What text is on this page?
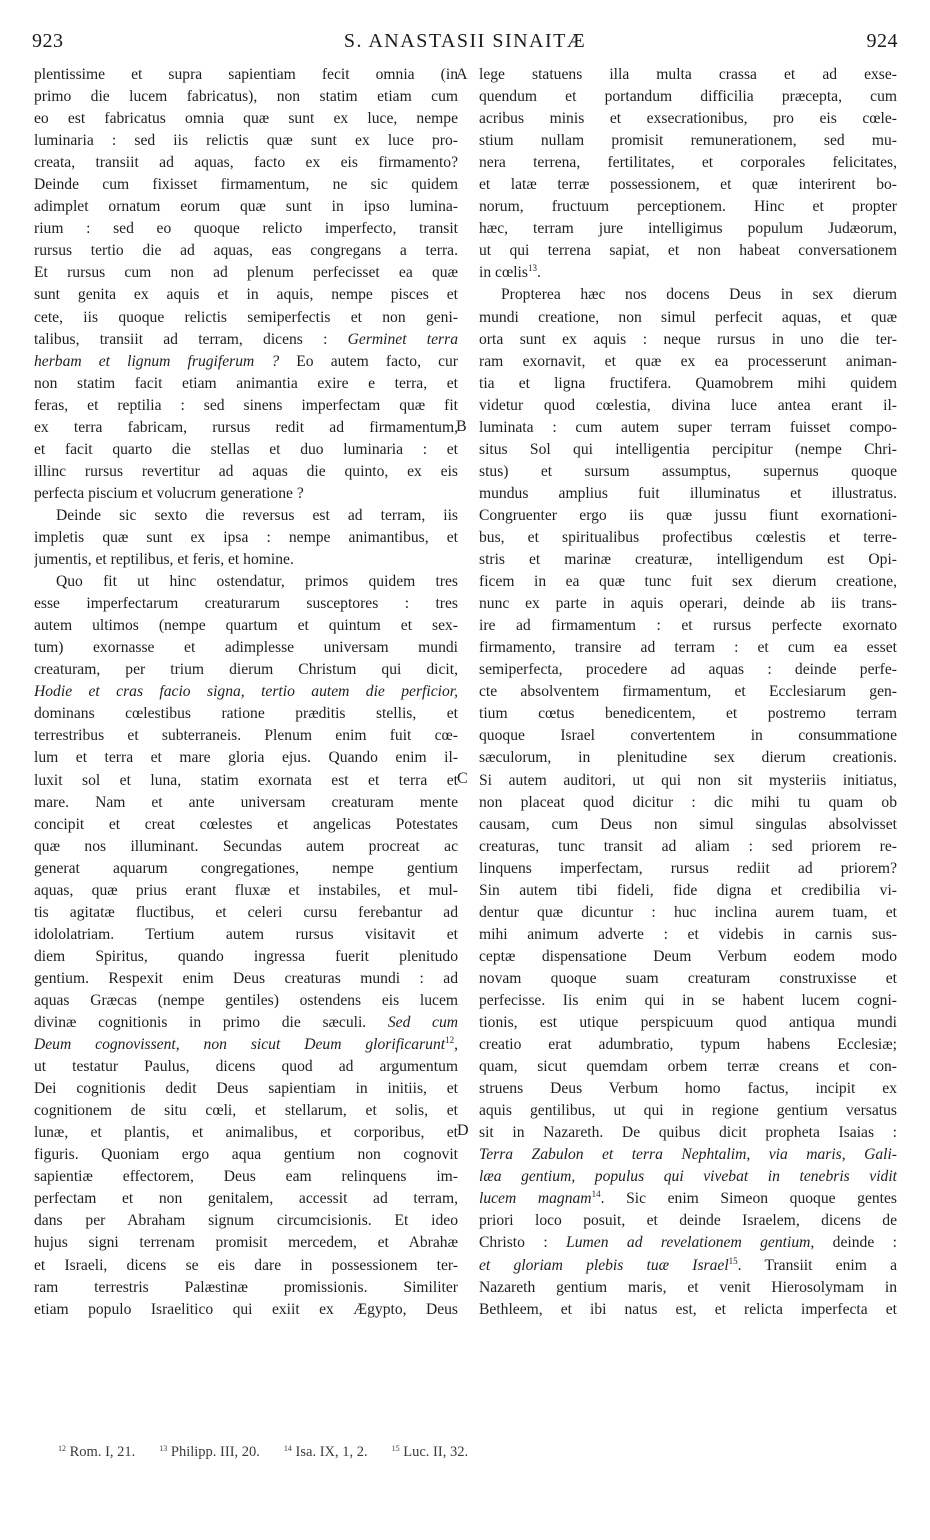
923	S. ANASTASII SINAITÆ	924

plentissime et supra sapientiam fecit omnia (in

primo die lucem fabricatus), non statim etiam cum

eo est fabricatus omnia quæ sunt ex luce, nempe

luminaria : sed iis relictis quæ sunt ex luce pro-

creata, transiit ad aquas, facto ex eis firmamento?

Deinde cum fixisset firmamentum, ne sic quidem

adimplet ornatum eorum quæ sunt in ipso lumina-

rium : sed eo quoque relicto imperfecto, transit

rursus tertio die ad aquas, eas congregans a terra.

Et rursus cum non ad plenum perfecisset ea quæ

sunt genita ex aquis et in aquis, nempe pisces et

cete, iis quoque relictis semiperfectis et non geni-

talibus, transiit ad terram, dicens : Germinet terra

herbam et lignum frugiferum ? Eo autem facto, cur

non statim facit etiam animantia exire e terra, et

feras, et reptilia : sed sinens imperfectam quæ fit

ex terra fabricam, rursus redit ad firmamentum,

et facit quarto die stellas et duo luminaria : et

illinc rursus revertitur ad aquas die quinto, ex eis

perfecta piscium et volucrum generatione ?

Deinde sic sexto die reversus est ad terram, iis

impletis quæ sunt ex ipsa : nempe animantibus, et

jumentis, et reptilibus, et feris, et homine.

Quo fit ut hinc ostendatur, primos quidem tres

esse imperfectarum creaturarum susceptores : tres

autem ultimos (nempe quartum et quintum et sex-

tum) exornasse et adimplesse universam mundi

creaturam, per trium dierum Christum qui dicit,

Hodie et cras facio signa, tertio autem die perficior,

dominans cœlestibus ratione præditis stellis, et

terrestribus et subterraneis. Plenum enim fuit cœ-

lum et terra et mare gloria ejus. Quando enim il-

luxit sol et luna, statim exornata est et terra et

mare. Nam et ante universam creaturam mente

concipit et creat cœlestes et angelicas Potestates

quæ nos illuminant. Secundas autem procreat ac

generat aquarum congregationes, nempe gentium

aquas, quæ prius erant fluxæ et instabiles, et mul-

tis agitatæ fluctibus, et celeri cursu ferebantur ad

idololatriam. Tertium autem rursus visitavit et

diem Spiritus, quando ingressa fuerit plenitudo

gentium. Respexit enim Deus creaturas mundi : ad

aquas Græcas (nempe gentiles) ostendens eis lucem

divinæ cognitionis in primo die sæculi. Sed cum

Deum cognovissent, non sicut Deum glorificarunt$^{12}$,

ut testatur Paulus, dicens quod ad argumentum

Dei cognitionis dedit Deus sapientiam in initiis, et

cognitionem de situ cœli, et stellarum, et solis, et

lunæ, et plantis, et animalibus, et corporibus, et

figuris. Quoniam ergo aqua gentium non cognovit

sapientiæ effectorem, Deus eam relinquens im-

perfectam et non genitalem, accessit ad terram,

dans per Abraham signum circumcisionis. Et ideo

hujus signi terrenam promisit mercedem, et Abrahæ

et Israeli, dicens se eis dare in possessionem ter-

ram terrestris Palæstinæ promissionis. Similiter

etiam populo Israelitico qui exiit ex Ægypto, Deus

lege statuens illa multa crassa et ad exse-

quendum et portandum difficilia præcepta, cum

acribus minis et exsecrationibus, pro eis cœle-

stium nullam promisit remunerationem, sed mu-

nera terrena, fertilitates, et corporales felicitates,

et latæ terræ possessionem, et quæ interirent bo-

norum, fructuum perceptionem. Hinc et propter

hæc, terram jure intelligimus populum Judæorum,

ut qui terrena sapiat, et non habeat conversationem

in cœlis$^{13}$.

Propterea hæc nos docens Deus in sex dierum

mundi creatione, non simul perfecit aquas, et quæ

orta sunt ex aquis : neque rursus in uno die ter-

ram exornavit, et quæ ex ea processerunt animan-

tia et ligna fructifera. Quamobrem mihi quidem

videtur quod cœlestia, divina luce antea erant il-

luminata : cum autem super terram fuisset compo-

situs Sol qui intelligentia percipitur (nempe Chri-

stus) et sursum assumptus, supernus quoque

mundus amplius fuit illuminatus et illustratus.

Congruenter ergo iis quæ jussu fiunt exornationi-

bus, et spiritualibus profectibus cœlestis et terre-

stris et marinæ creaturæ, intelligendum est Opi-

ficem in ea quæ tunc fuit sex dierum creatione,

nunc ex parte in aquis operari, deinde ab iis trans-

ire ad firmamentum : et rursus perfecte exornato

firmamento, transire ad terram : et cum ea esset

semiperfecta, procedere ad aquas : deinde perfe-

cte absolventem firmamentum, et Ecclesiarum gen-

tium cœtus benedicentem, et postremo terram

quoque Israel convertentem in consummatione

sæculorum, in plenitudine sex dierum creationis.

Si autem auditori, ut qui non sit mysteriis initiatus,

non placeat quod dicitur : dic mihi tu quam ob

causam, cum Deus non simul singulas absolvisset

creaturas, tunc transit ad aliam : sed priorem re-

linquens imperfectam, rursus rediit ad priorem?

Sin autem tibi fideli, fide digna et credibilia vi-

dentur quæ dicuntur : huc inclina aurem tuam, et

mihi animum adverte : et videbis in carnis sus-

ceptæ dispensatione Deum Verbum eodem modo

novam quoque suam creaturam construxisse et

perfecisse. Iis enim qui in se habent lucem cogni-

tionis, est utique perspicuum quod antiqua mundi

creatio erat adumbratio, typum habens Ecclesiæ;

quam, sicut quemdam orbem terræ creans et con-

struens Deus Verbum homo factus, incipit ex

aquis gentilibus, ut qui in regione gentium versatus

sit in Nazareth. De quibus dicit propheta Isaias :

Terra Zabulon et terra Nephtalim, via maris, Gali-

læa gentium, populus qui vivebat in tenebris vidit

lucem magnam$^{14}$. Sic enim Simeon quoque gentes

priori loco posuit, et deinde Israelem, dicens de

Christo : Lumen ad revelationem gentium, deinde :

et gloriam plebis tuæ Israel$^{15}$. Transiit enim a

Nazareth gentium maris, et venit Hierosolymam in

Bethleem, et ibi natus est, et relicta imperfecta et

A
B
C
D
$^{12}$ Rom. I, 21.	$^{13}$ Philipp. III, 20.	$^{14}$ Isa. IX, 1, 2.	$^{15}$ Luc. II, 32.
